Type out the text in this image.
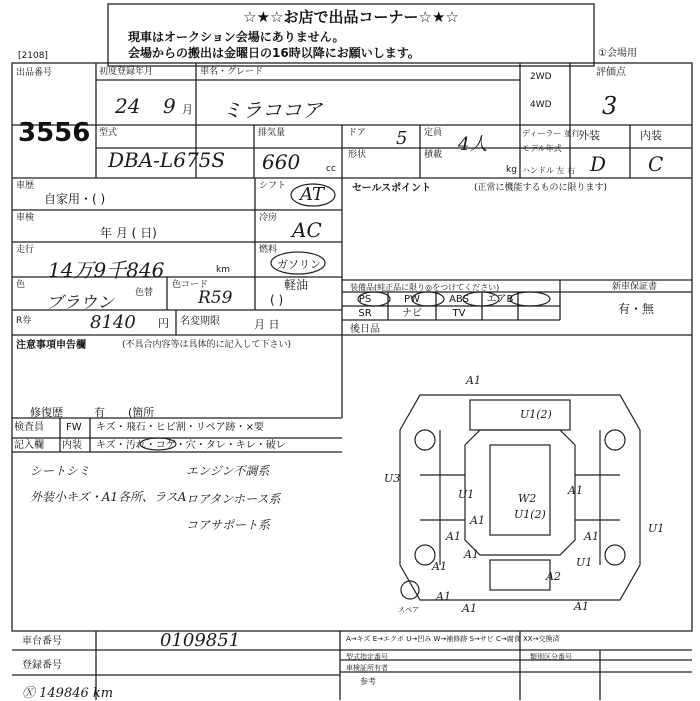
☆★☆お店で出品コーナー☆★☆
現車はオークション会場にありません。
会場からの搬出は金曜日の16時以降にお願いします。
[2108]	①会場用
出品番号
3556
初度登録年月
24 9 月
車名・グレード
ミラココア
2WD
4WD
評価点
3
型式
DBA-L675S
排気量
660	cc
ドア 5 定員
4人
ディーラー 並行
モデル年式
形状	積載
kg ハンドル 左 右
外装	内装
D C
車歴
自家用・( )
シフト AT
車検
年 月 ( 日)
冷房 AC
走行
14万9千846	km
燃料
ガソリン
軽油
( )
色
ブラウン 色替
色コード
R59
R券	8140 円 名変期限	月 日
セールスポイント	(正常に機能するものに限ります)
装備品(純正品に限り◎をつけてください)
PS	PW	ABS	エアB
SR	ナビ	TV
新車保証書
有・無
後日品
注意事項申告欄	(不具合内容等は具体的に記入して下さい)
修復歴	有 (箇所
検査員
記入欄
FW キズ・飛石・ヒビ割・リペア跡・×要
内装 キズ・汚れ・コゲ・穴・タレ・キレ・破レ
シートシミ
外装小キズ・A1各所、ラスA
エンジン不調系
ロアタンホース系
コアサポート系
A1
U1(2)
U3
U1	A1
W2
U1(2)
A1
A1	A1
A1
U1
A1	U1
A2
A1
A1	A1
スペア
車台番号	0109851
登録番号
A→キズ E→エクボ U→凹み W→補修跡 S→サビ C→腐食 XX→交換済
類別区分番号
型式指定番号
車検証所有者
参考
Ⓧ 149846 km
